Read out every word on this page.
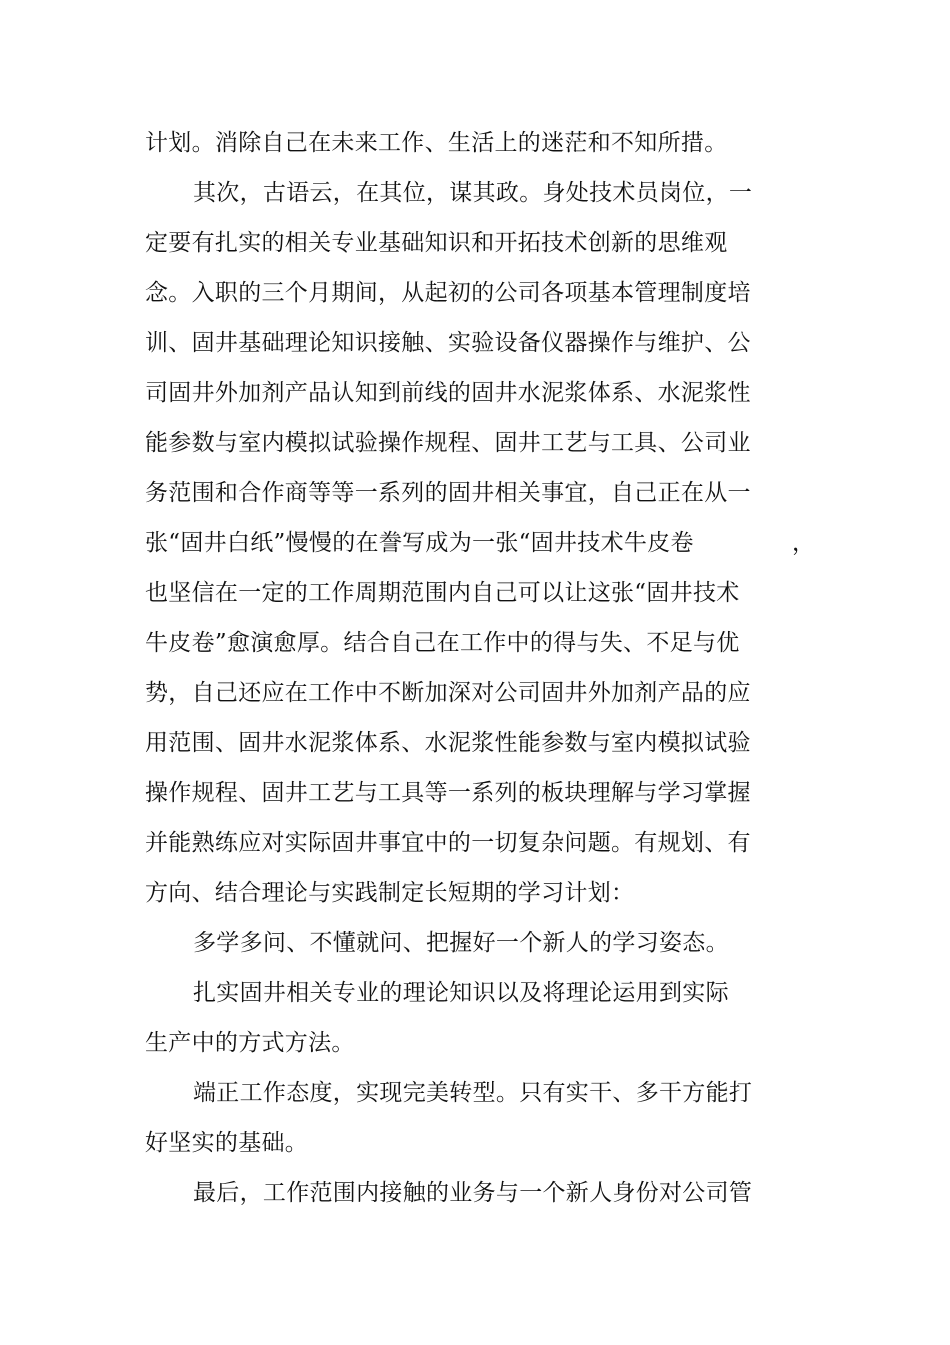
计划。消除自己在未来工作、生活上的迷茫和不知所措。
其次，古语云，在其位，谋其政。身处技术员岗位，一
定要有扎实的相关专业基础知识和开拓技术创新的思维观
念。入职的三个月期间，从起初的公司各项基本管理制度培
训、固井基础理论知识接触、实验设备仪器操作与维护、公
司固井外加剂产品认知到前线的固井水泥浆体系、水泥浆性
能参数与室内模拟试验操作规程、固井工艺与工具、公司业
务范围和合作商等等一系列的固井相关事宜，自己正在从一
张“固井白纸”慢慢的在誊写成为一张“固井技术牛皮卷	，
也坚信在一定的工作周期范围内自己可以让这张“固井技术
牛皮卷”愈演愈厚。结合自己在工作中的得与失、不足与优
势，自己还应在工作中不断加深对公司固井外加剂产品的应
用范围、固井水泥浆体系、水泥浆性能参数与室内模拟试验
操作规程、固井工艺与工具等一系列的板块理解与学习掌握
并能熟练应对实际固井事宜中的一切复杂问题。有规划、有
方向、结合理论与实践制定长短期的学习计划：
多学多问、不懂就问、把握好一个新人的学习姿态。
扎实固井相关专业的理论知识以及将理论运用到实际
生产中的方式方法。
端正工作态度，实现完美转型。只有实干、多干方能打
好坚实的基础。
最后，工作范围内接触的业务与一个新人身份对公司管
